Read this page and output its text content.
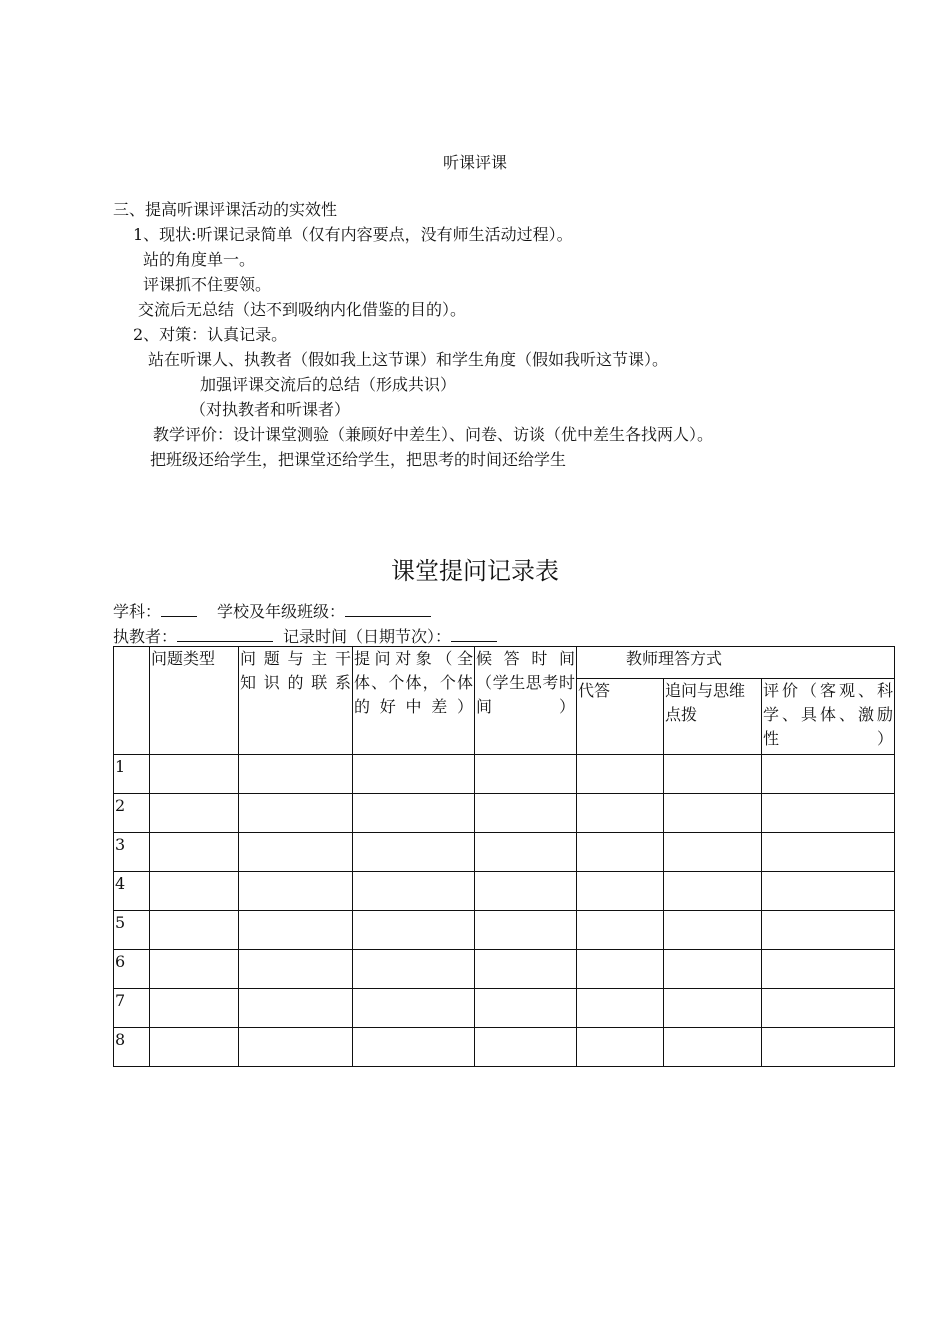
听课评课
三、提高听课评课活动的实效性
1、现状:听课记录简单（仅有内容要点，没有师生活动过程）。
站的角度单一。
评课抓不住要领。
交流后无总结（达不到吸纳内化借鉴的目的）。
2、对策：认真记录。
站在听课人、执教者（假如我上这节课）和学生角度（假如我听这节课）。
加强评课交流后的总结（形成共识）
（对执教者和听课者）
教学评价：设计课堂测验（兼顾好中差生）、问卷、访谈（优中差生各找两人）。
把班级还给学生，把课堂还给学生，把思考的时间还给学生
课堂提问记录表
学科：	学校及年级班级：
执教者：	记录时间（日期节次）：
	问题类型	问 题 与 主 干知识的联系	提问对象（全体、个体，个体的好中差）	候 答 时 间（学生思考时间）	教师理答方式		
					代答	追问与思维点拨	评价（客观、科学、具体、激励性）
1							
2							
3							
4							
5							
6							
7							
8							
